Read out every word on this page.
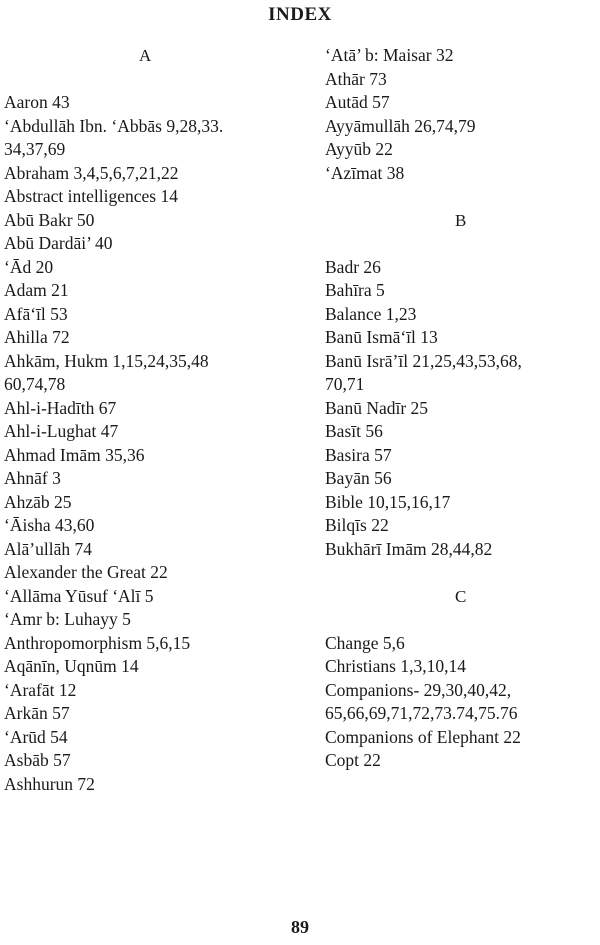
INDEX
A
Aaron 43
‘Abdullāh Ibn. ‘Abbās 9,28,33.
34,37,69
Abraham 3,4,5,6,7,21,22
Abstract intelligences 14
Abū Bakr 50
Abū Dardāi’ 40
‘Ād 20
Adam 21
Afā‘īl 53
Ahilla 72
Ahkām, Hukm 1,15,24,35,48
60,74,78
Ahl-i-Hadīth 67
Ahl-i-Lughat 47
Ahmad Imām 35,36
Ahnāf 3
Ahzāb 25
‘Āisha 43,60
Alā’ullāh 74
Alexander the Great 22
‘Allāma Yūsuf ‘Alī 5
‘Amr b: Luhayy 5
Anthropomorphism 5,6,15
Aqānīn, Uqnūm 14
‘Arafāt 12
Arkān 57
‘Arūd 54
Asbāb 57
Ashhurun 72
‘Atā’ b: Maisar 32
Athār 73
Autād 57
Ayyāmullāh 26,74,79
Ayyūb 22
‘Azīmat 38
B
Badr 26
Bahīra 5
Balance 1,23
Banū Ismā‘īl 13
Banū Isrā’īl 21,25,43,53,68,
70,71
Banū Nadīr 25
Basīt 56
Basira 57
Bayān 56
Bible 10,15,16,17
Bilqīs 22
Bukhārī Imām 28,44,82
C
Change 5,6
Christians 1,3,10,14
Companions- 29,30,40,42,
65,66,69,71,72,73.74,75.76
Companions of Elephant 22
Copt 22
89
